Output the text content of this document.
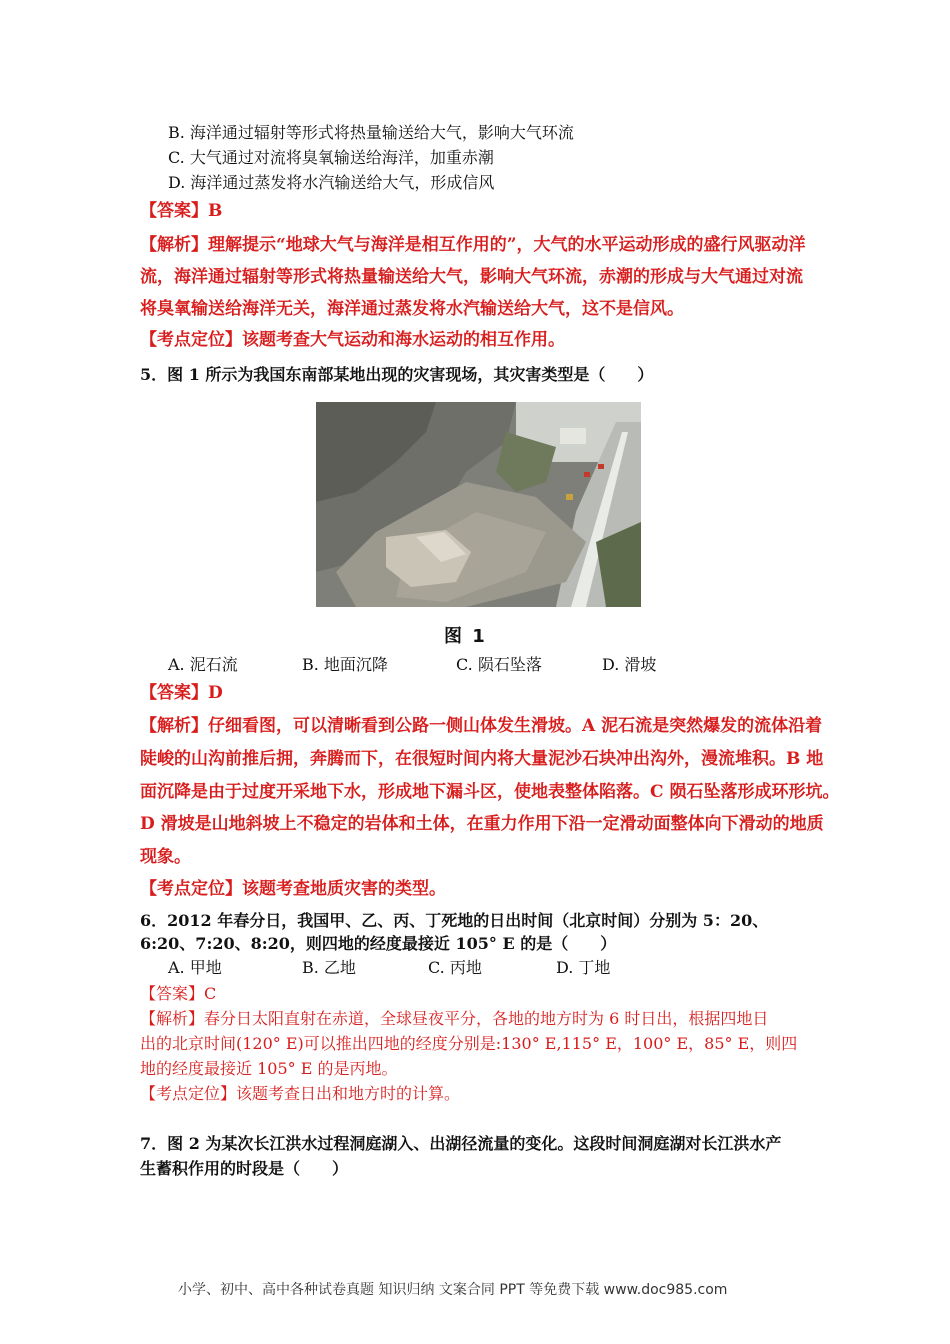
B. 海洋通过辐射等形式将热量输送给大气，影响大气环流
C. 大气通过对流将臭氧输送给海洋，加重赤潮
D. 海洋通过蒸发将水汽输送给大气，形成信风
【答案】B
【解析】理解提示“地球大气与海洋是相互作用的”，大气的水平运动形成的盛行风驱动洋
流，海洋通过辐射等形式将热量输送给大气，影响大气环流，赤潮的形成与大气通过对流
将臭氧输送给海洋无关，海洋通过蒸发将水汽输送给大气，这不是信风。
【考点定位】该题考查大气运动和海水运动的相互作用。
5．图 1 所示为我国东南部某地出现的灾害现场，其灾害类型是（　　）
图 1
A. 泥石流	B. 地面沉降	C. 陨石坠落	D. 滑坡
【答案】D
【解析】仔细看图，可以清晰看到公路一侧山体发生滑坡。A 泥石流是突然爆发的流体沿着
陡峻的山沟前推后拥，奔腾而下，在很短时间内将大量泥沙石块冲出沟外，漫流堆积。B 地
面沉降是由于过度开采地下水，形成地下漏斗区，使地表整体陷落。C 陨石坠落形成环形坑。
D 滑坡是山地斜坡上不稳定的岩体和土体，在重力作用下沿一定滑动面整体向下滑动的地质
现象。
【考点定位】该题考查地质灾害的类型。
6．2012 年春分日，我国甲、乙、丙、丁死地的日出时间（北京时间）分别为 5：20、
6:20、7:20、8:20，则四地的经度最接近 105° E 的是（　　）
A. 甲地	B. 乙地	C. 丙地	D. 丁地
【答案】C
【解析】春分日太阳直射在赤道，全球昼夜平分，各地的地方时为 6 时日出，根据四地日
出的北京时间(120° E)可以推出四地的经度分别是:130° E,115° E，100° E，85° E，则四
地的经度最接近 105° E 的是丙地。
【考点定位】该题考查日出和地方时的计算。
7．图 2 为某次长江洪水过程洞庭湖入、出湖径流量的变化。这段时间洞庭湖对长江洪水产
生蓄积作用的时段是（　　）
小学、初中、高中各种试卷真题 知识归纳 文案合同 PPT 等免费下载 www.doc985.com
